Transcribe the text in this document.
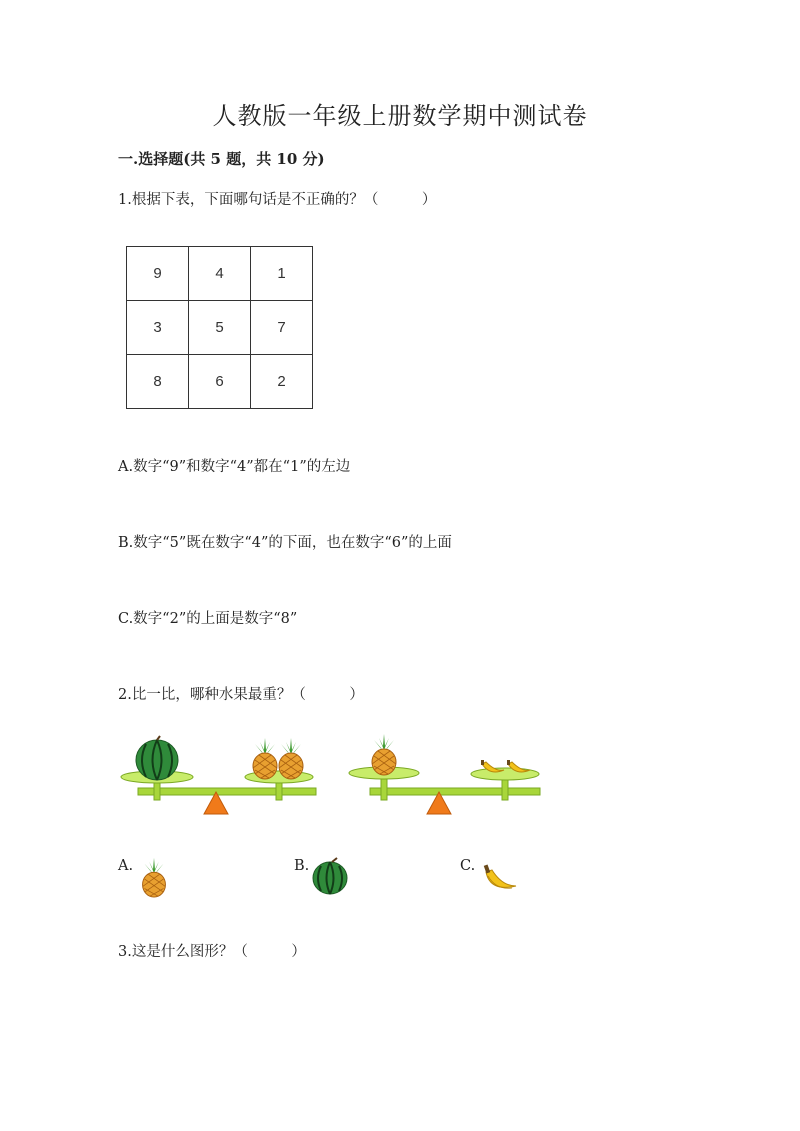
人教版一年级上册数学期中测试卷
一.选择题(共 5 题，共 10 分)
1.根据下表，下面哪句话是不正确的？（　　　）
9	4	1
3	5	7
8	6	2
A.数字“9”和数字“4”都在“1”的左边
B.数字“5”既在数字“4”的下面，也在数字“6”的上面
C.数字“2”的上面是数字“8”
2.比一比，哪种水果最重？（　　　）
A.	B.	C.
3.这是什么图形？（　　　）
